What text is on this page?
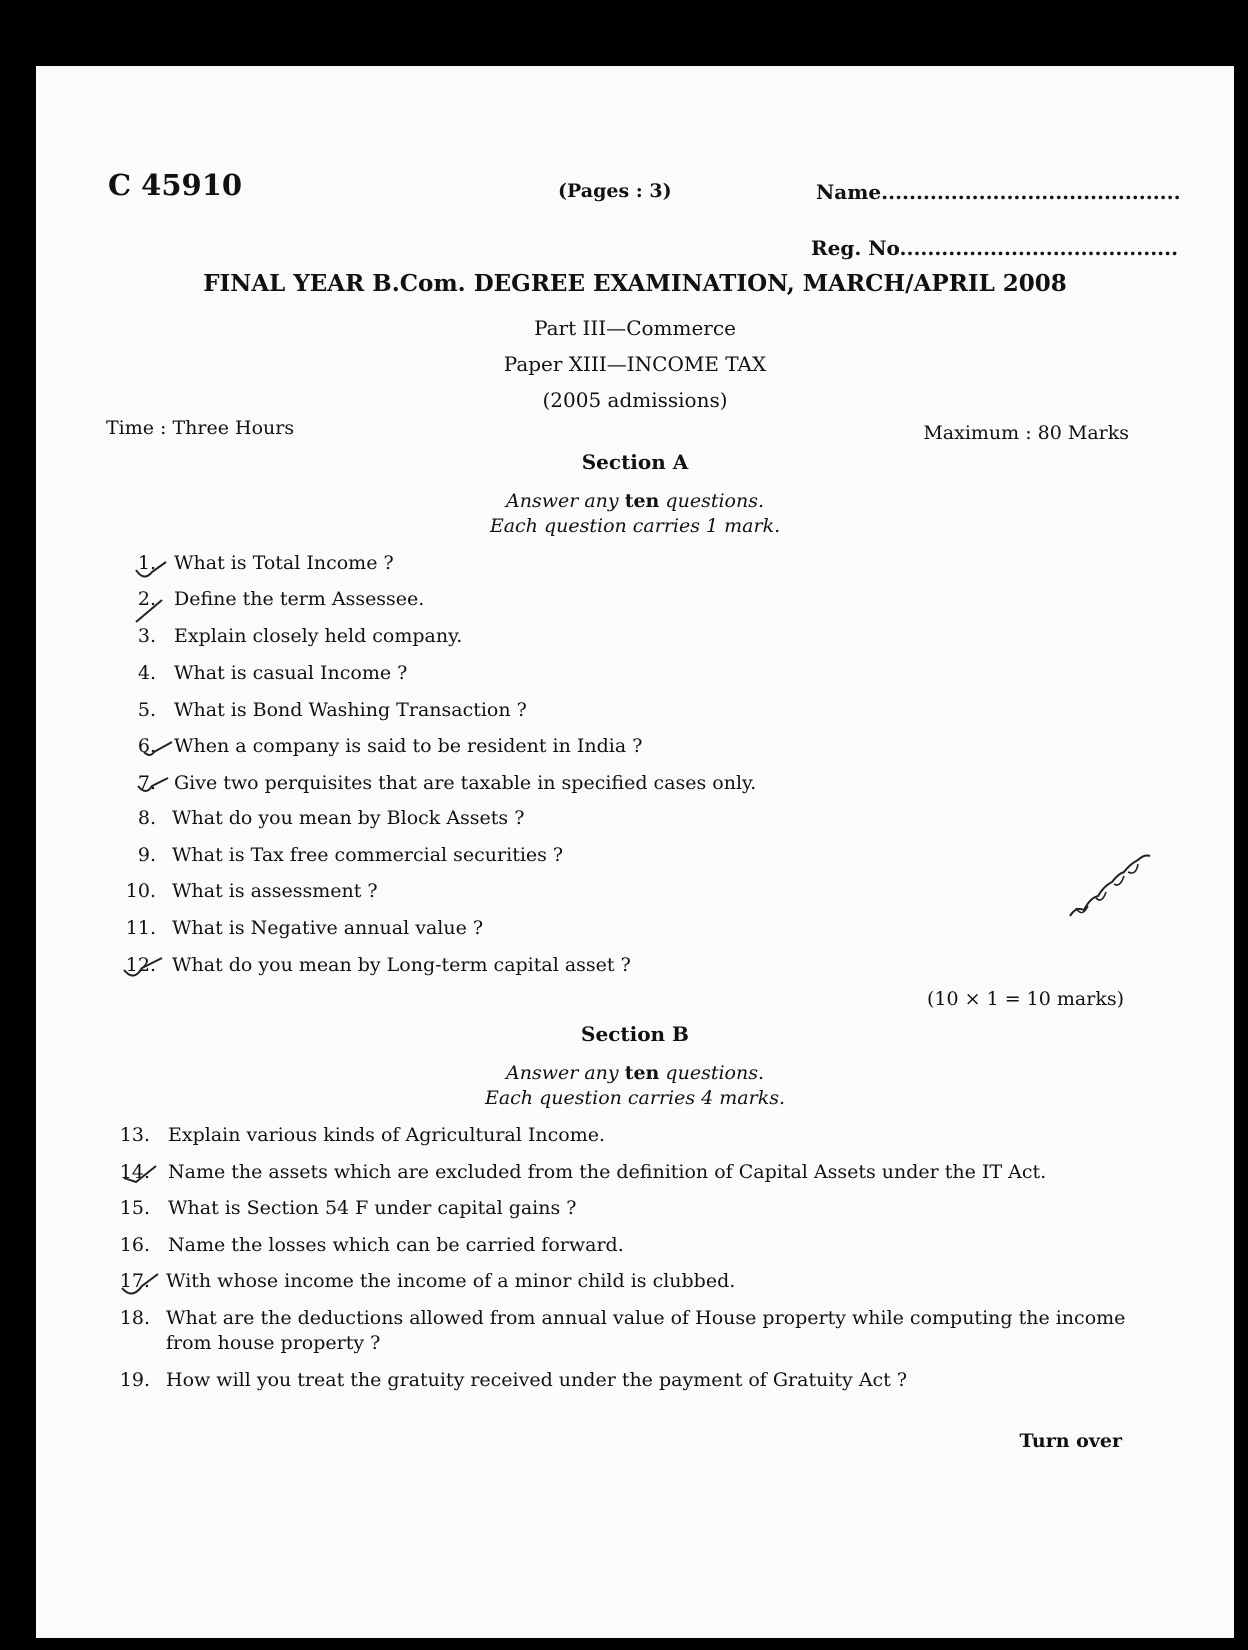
C 45910	(Pages : 3)	Name...........................................
Reg. No........................................
FINAL YEAR B.Com. DEGREE EXAMINATION, MARCH/APRIL 2008
Part III—Commerce
Paper XIII—INCOME TAX
(2005 admissions)
Time : Three Hours	Maximum : 80 Marks
Section A
Answer any ten questions.
Each question carries 1 mark.
1. What is Total Income ?
2. Define the term Assessee.
3. Explain closely held company.
4. What is casual Income ?
5. What is Bond Washing Transaction ?
6. When a company is said to be resident in India ?
7. Give two perquisites that are taxable in specified cases only.
8. What do you mean by Block Assets ?
9. What is Tax free commercial securities ?
10. What is assessment ?
11. What is Negative annual value ?
12. What do you mean by Long-term capital asset ?
(10 × 1 = 10 marks)
Section B
Answer any ten questions.
Each question carries 4 marks.
13. Explain various kinds of Agricultural Income.
14. Name the assets which are excluded from the definition of Capital Assets under the IT Act.
15. What is Section 54 F under capital gains ?
16. Name the losses which can be carried forward.
17. With whose income the income of a minor child is clubbed.
18. What are the deductions allowed from annual value of House property while computing the income
from house property ?
19. How will you treat the gratuity received under the payment of Gratuity Act ?
Turn over
